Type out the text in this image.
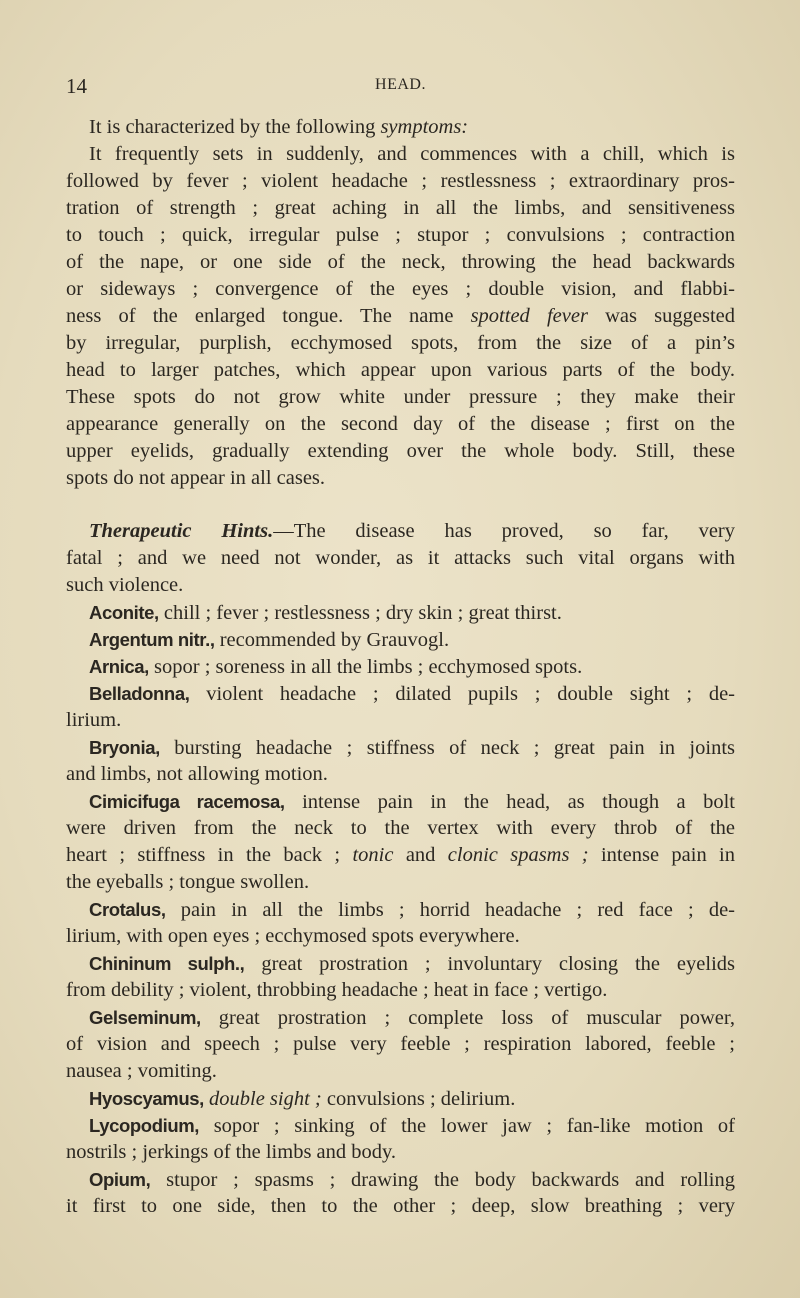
14	HEAD.
It is characterized by the following symptoms:
It frequently sets in suddenly, and commences with a chill, which is
followed by fever ; violent headache ; restlessness ; extraordinary pros-
tration of strength ; great aching in all the limbs, and sensitiveness
to touch ; quick, irregular pulse ; stupor ; convulsions ; contraction
of the nape, or one side of the neck, throwing the head backwards
or sideways ; convergence of the eyes ; double vision, and flabbi-
ness of the enlarged tongue. The name spotted fever was suggested
by irregular, purplish, ecchymosed spots, from the size of a pin’s
head to larger patches, which appear upon various parts of the body.
These spots do not grow white under pressure ; they make their
appearance generally on the second day of the disease ; first on the
upper eyelids, gradually extending over the whole body. Still, these
spots do not appear in all cases.
Therapeutic Hints.—The disease has proved, so far, very
fatal ; and we need not wonder, as it attacks such vital organs with
such violence.
Aconite, chill ; fever ; restlessness ; dry skin ; great thirst.
Argentum nitr., recommended by Grauvogl.
Arnica, sopor ; soreness in all the limbs ; ecchymosed spots.
Belladonna, violent headache ; dilated pupils ; double sight ; de-
lirium.
Bryonia, bursting headache ; stiffness of neck ; great pain in joints
and limbs, not allowing motion.
Cimicifuga racemosa, intense pain in the head, as though a bolt
were driven from the neck to the vertex with every throb of the
heart ; stiffness in the back ; tonic and clonic spasms ; intense pain in
the eyeballs ; tongue swollen.
Crotalus, pain in all the limbs ; horrid headache ; red face ; de-
lirium, with open eyes ; ecchymosed spots everywhere.
Chininum sulph., great prostration ; involuntary closing the eyelids
from debility ; violent, throbbing headache ; heat in face ; vertigo.
Gelseminum, great prostration ; complete loss of muscular power,
of vision and speech ; pulse very feeble ; respiration labored, feeble ;
nausea ; vomiting.
Hyoscyamus, double sight ; convulsions ; delirium.
Lycopodium, sopor ; sinking of the lower jaw ; fan-like motion of
nostrils ; jerkings of the limbs and body.
Opium, stupor ; spasms ; drawing the body backwards and rolling
it first to one side, then to the other ; deep, slow breathing ; very
